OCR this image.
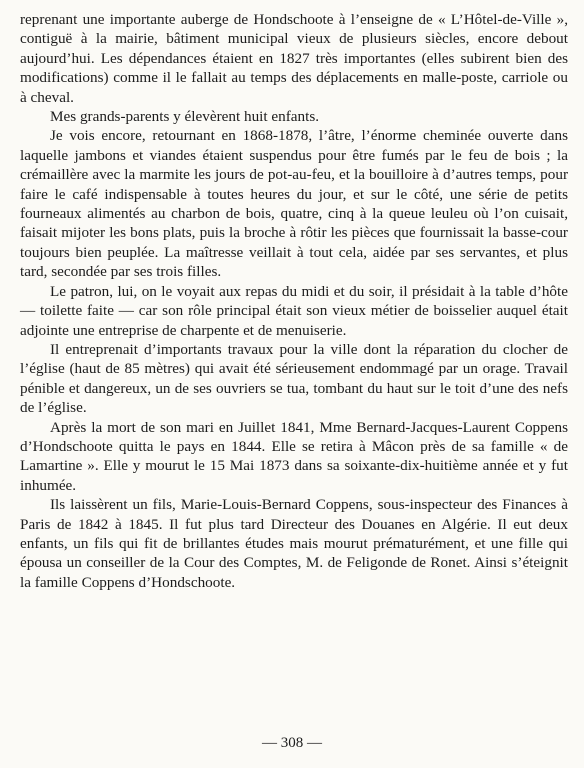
reprenant une importante auberge de Hondschoote à l’enseigne de « L’Hôtel-de-Ville », contiguë à la mairie, bâtiment municipal vieux de plusieurs siècles, encore debout aujourd’hui. Les dépendances étaient en 1827 très importantes (elles subirent bien des modifications) comme il le fallait au temps des déplacements en malle-poste, carriole ou à cheval.

Mes grands-parents y élevèrent huit enfants.

Je vois encore, retournant en 1868-1878, l’âtre, l’énorme cheminée ouverte dans laquelle jambons et viandes étaient suspendus pour être fumés par le feu de bois ; la crémaillère avec la marmite les jours de pot-au-feu, et la bouilloire à d’autres temps, pour faire le café indispensable à toutes heures du jour, et sur le côté, une série de petits fourneaux alimentés au charbon de bois, quatre, cinq à la queue leuleu où l’on cuisait, faisait mijoter les bons plats, puis la broche à rôtir les pièces que fournissait la basse-cour toujours bien peuplée. La maîtresse veillait à tout cela, aidée par ses servantes, et plus tard, secondée par ses trois filles.

Le patron, lui, on le voyait aux repas du midi et du soir, il présidait à la table d’hôte — toilette faite — car son rôle principal était son vieux métier de boisselier auquel était adjointe une entreprise de charpente et de menuiserie.

Il entreprenait d’importants travaux pour la ville dont la réparation du clocher de l’église (haut de 85 mètres) qui avait été sérieusement endommagé par un orage. Travail pénible et dangereux, un de ses ouvriers se tua, tombant du haut sur le toit d’une des nefs de l’église.

Après la mort de son mari en Juillet 1841, Mme Bernard-Jacques-Laurent Coppens d’Hondschoote quitta le pays en 1844. Elle se retira à Mâcon près de sa famille « de Lamartine ». Elle y mourut le 15 Mai 1873 dans sa soixante-dix-huitième année et y fut inhumée.

Ils laissèrent un fils, Marie-Louis-Bernard Coppens, sous-inspecteur des Finances à Paris de 1842 à 1845. Il fut plus tard Directeur des Douanes en Algérie. Il eut deux enfants, un fils qui fit de brillantes études mais mourut prématurément, et une fille qui épousa un conseiller de la Cour des Comptes, M. de Feligonde de Ronet. Ainsi s’éteignit la famille Coppens d’Hondschoote.

— 308 —
